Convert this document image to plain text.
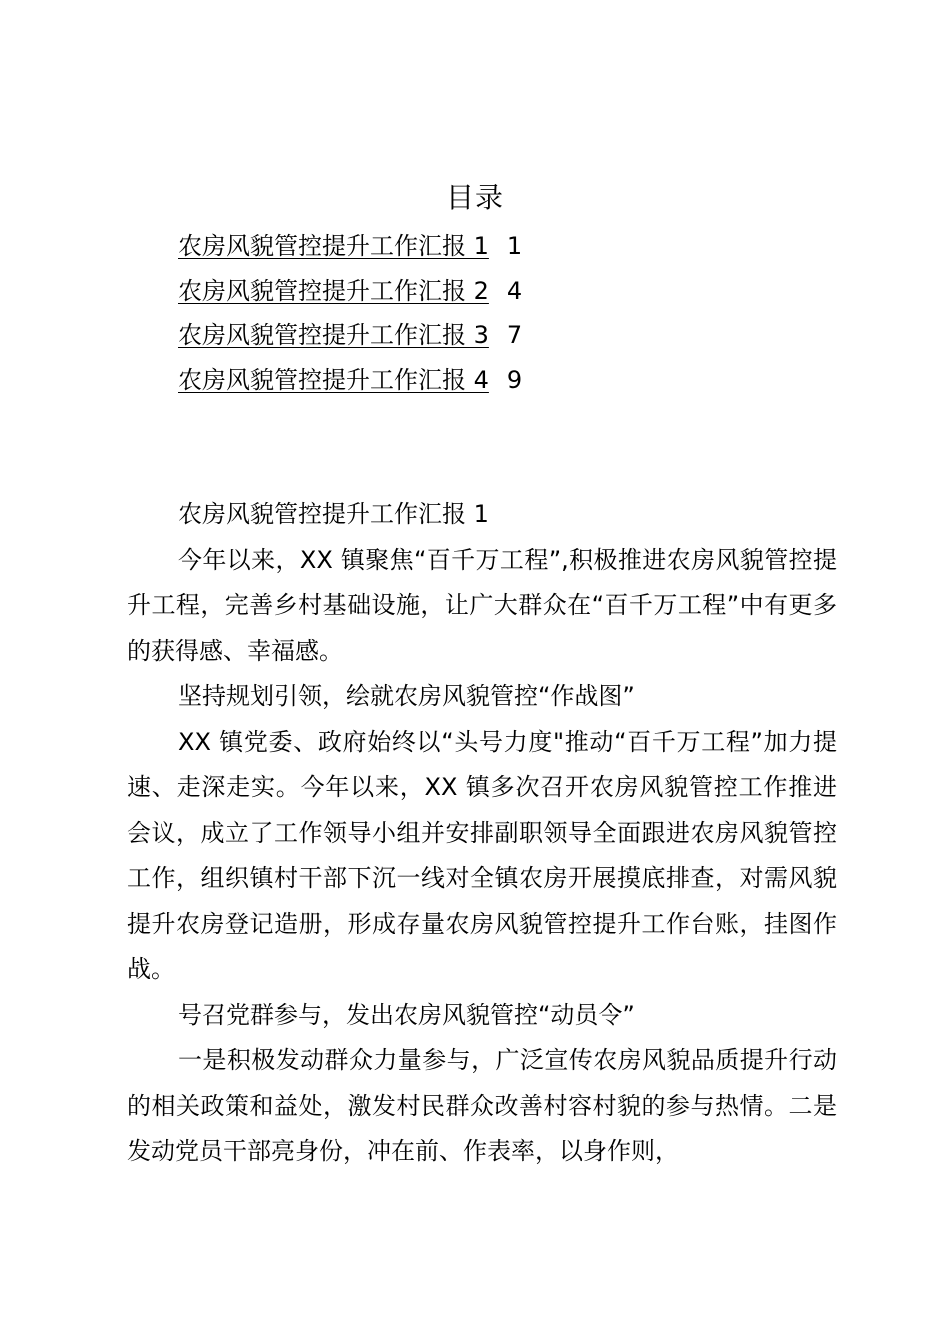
目录
农房风貌管控提升工作汇报 1 1
农房风貌管控提升工作汇报 2 4
农房风貌管控提升工作汇报 3 7
农房风貌管控提升工作汇报 4 9

农房风貌管控提升工作汇报 1

今年以来，XX 镇聚焦“百千万工程”,积极推进农房风貌管控提升工程，完善乡村基础设施，让广大群众在“百千万工程”中有更多的获得感、幸福感。

坚持规划引领，绘就农房风貌管控“作战图”

XX 镇党委、政府始终以“头号力度"推动“百千万工程”加力提速、走深走实。今年以来，XX 镇多次召开农房风貌管控工作推进会议，成立了工作领导小组并安排副职领导全面跟进农房风貌管控工作，组织镇村干部下沉一线对全镇农房开展摸底排查，对需风貌提升农房登记造册，形成存量农房风貌管控提升工作台账，挂图作战。

号召党群参与，发出农房风貌管控“动员令”

一是积极发动群众力量参与，广泛宣传农房风貌品质提升行动的相关政策和益处，激发村民群众改善村容村貌的参与热情。二是发动党员干部亮身份，冲在前、作表率，以身作则，
